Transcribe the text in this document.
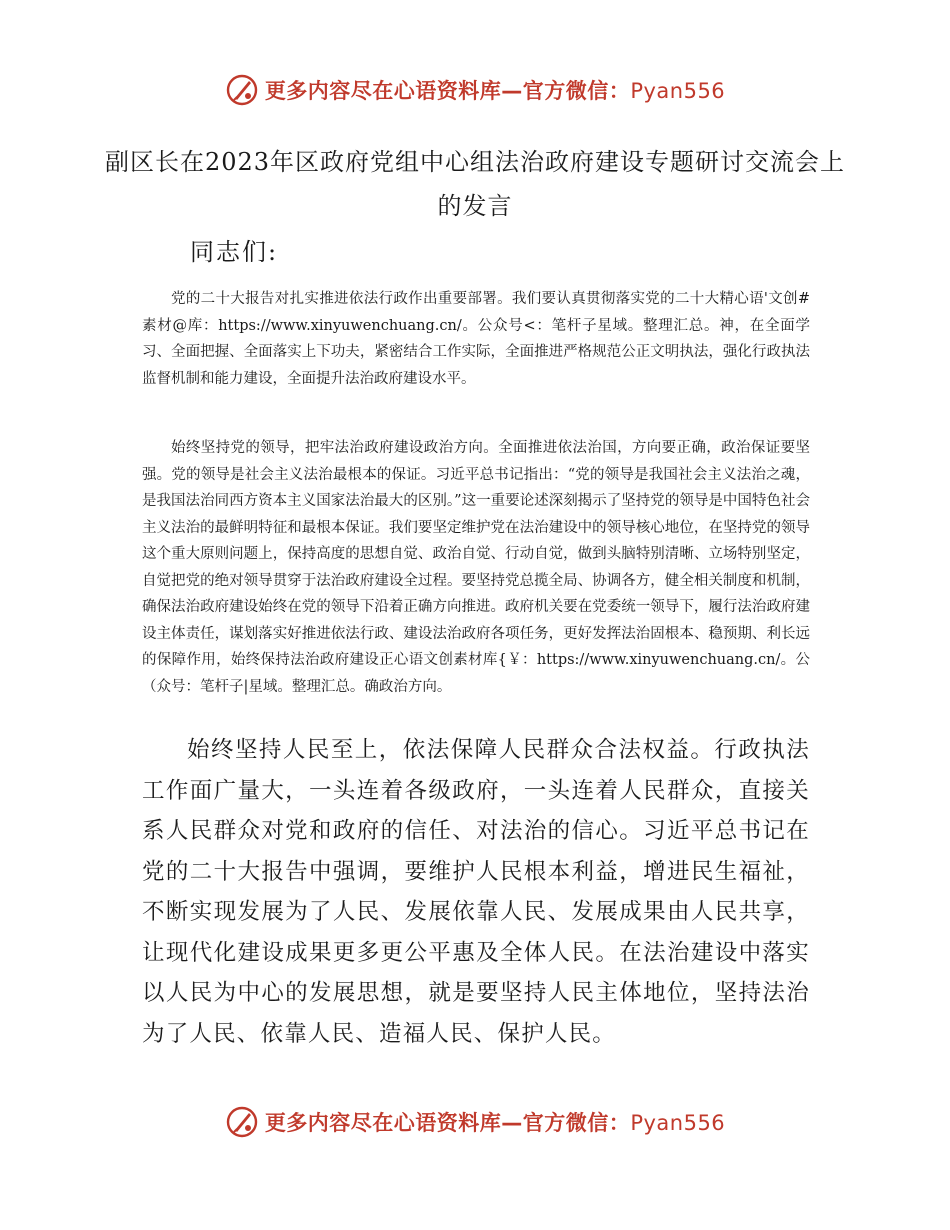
更多内容尽在心语资料库—官方微信：Pyan556
副区长在2023年区政府党组中心组法治政府建设专题研讨交流会上的发言
同志们:

党的二十大报告对扎实推进依法行政作出重要部署。我们要认真贯彻落实党的二十大精心语'文创#素材@库：https://www.xinyuwenchuang.cn/。公众号<：笔杆子星域。整理汇总。神，在全面学习、全面把握、全面落实上下功夫，紧密结合工作实际，全面推进严格规范公正文明执法，强化行政执法监督机制和能力建设，全面提升法治政府建设水平。

始终坚持党的领导，把牢法治政府建设政治方向。全面推进依法治国，方向要正确，政治保证要坚强。党的领导是社会主义法治最根本的保证。习近平总书记指出：“党的领导是我国社会主义法治之魂，是我国法治同西方资本主义国家法治最大的区别。”这一重要论述深刻揭示了坚持党的领导是中国特色社会主义法治的最鲜明特征和最根本保证。我们要坚定维护党在法治建设中的领导核心地位，在坚持党的领导这个重大原则问题上，保持高度的思想自觉、政治自觉、行动自觉，做到头脑特别清晰、立场特别坚定，自觉把党的绝对领导贯穿于法治政府建设全过程。要坚持党总揽全局、协调各方，健全相关制度和机制，确保法治政府建设始终在党的领导下沿着正确方向推进。政府机关要在党委统一领导下，履行法治政府建设主体责任，谋划落实好推进依法行政、建设法治政府各项任务，更好发挥法治固根本、稳预期、利长远的保障作用，始终保持法治政府建设正心语文创素材库{￥：https://www.xinyuwenchuang.cn/。公（众号：笔杆子|星域。整理汇总。确政治方向。

始终坚持人民至上，依法保障人民群众合法权益。行政执法工作面广量大，一头连着各级政府，一头连着人民群众，直接关系人民群众对党和政府的信任、对法治的信心。习近平总书记在党的二十大报告中强调，要维护人民根本利益，增进民生福祉，不断实现发展为了人民、发展依靠人民、发展成果由人民共享，让现代化建设成果更多更公平惠及全体人民。在法治建设中落实以人民为中心的发展思想，就是要坚持人民主体地位，坚持法治为了人民、依靠人民、造福人民、保护人民。

更多内容尽在心语资料库—官方微信：Pyan556
